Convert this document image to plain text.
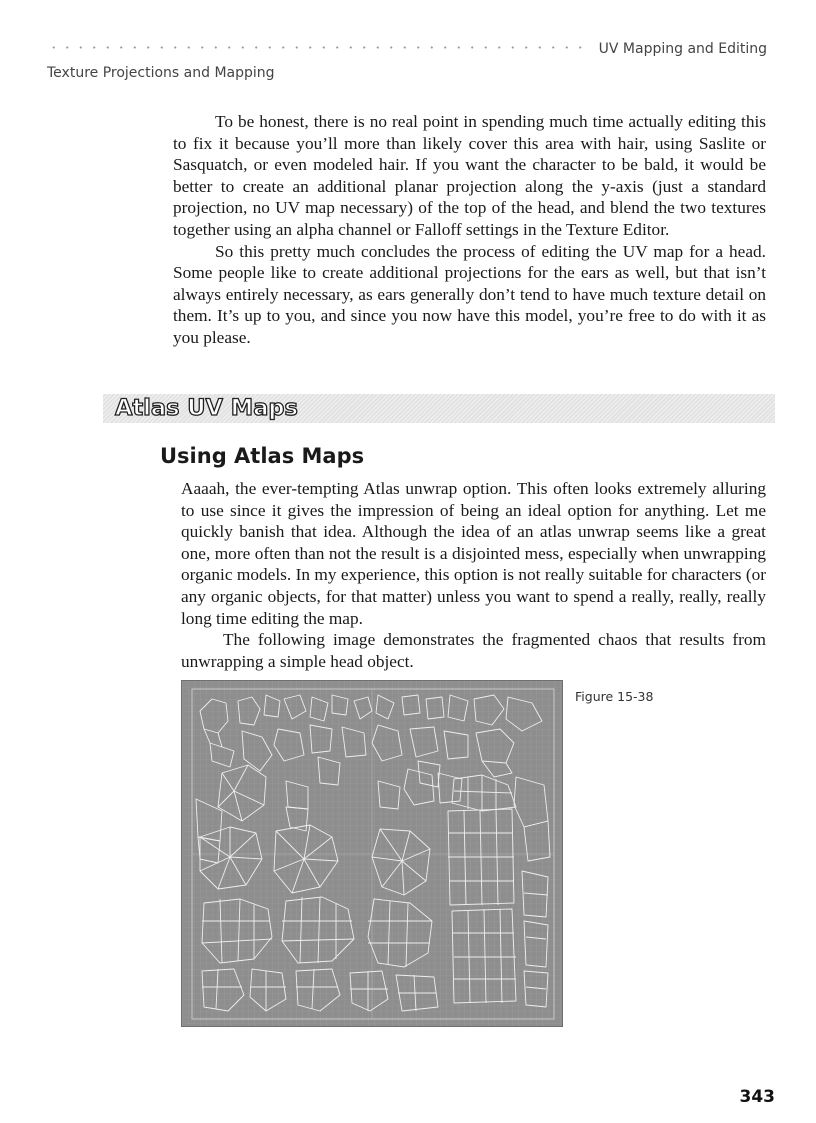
UV Mapping and Editing
Texture Projections and Mapping

To be honest, there is no real point in spending much time actually editing this to fix it because you’ll more than likely cover this area with hair, using Saslite or Sasquatch, or even modeled hair. If you want the character to be bald, it would be better to create an additional planar projection along the y-axis (just a standard projection, no UV map necessary) of the top of the head, and blend the two textures together using an alpha channel or Falloff settings in the Texture Editor.

So this pretty much concludes the process of editing the UV map for a head. Some people like to create additional projections for the ears as well, but that isn’t always entirely necessary, as ears generally don’t tend to have much texture detail on them. It’s up to you, and since you now have this model, you’re free to do with it as you please.

Atlas UV Maps
Using Atlas Maps

Aaaah, the ever-tempting Atlas unwrap option. This often looks extremely alluring to use since it gives the impression of being an ideal option for anything. Let me quickly banish that idea. Although the idea of an atlas unwrap seems like a great one, more often than not the result is a disjointed mess, especially when unwrapping organic models. In my experience, this option is not really suitable for characters (or any organic objects, for that matter) unless you want to spend a really, really, really long time editing the map.

The following image demonstrates the fragmented chaos that results from unwrapping a simple head object.

Figure 15-38
343
